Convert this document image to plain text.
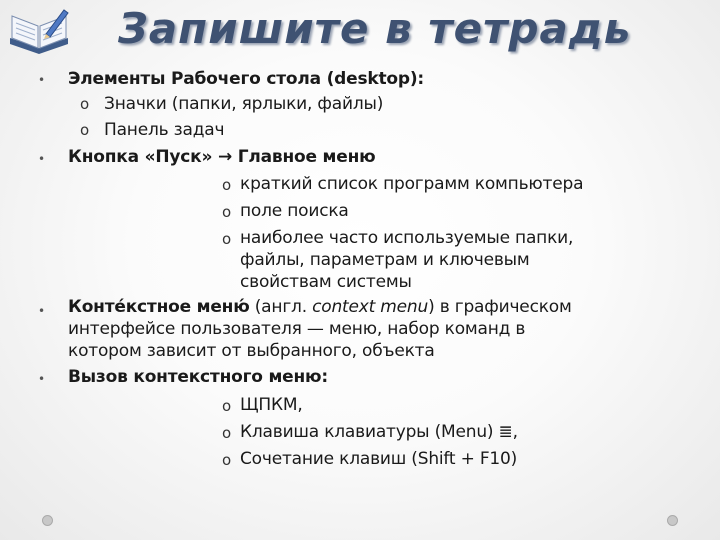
Запишите в тетрадь
• Элементы Рабочего стола (desktop):
o Значки (папки, ярлыки, файлы)
o Панель задач
• Кнопка «Пуск» → Главное меню
o краткий список программ компьютера
o поле поиска
o наиболее часто используемые папки,
файлы, параметрам и ключевым
свойствам системы
• Конте́кстное меню́ (англ. context menu) в графическом
интерфейсе пользователя — меню, набор команд в
котором зависит от выбранного, объекта
• Вызов контекстного меню:
o ЩПКМ,
o Клавиша клавиатуры (Menu) ≣,
o Сочетание клавиш (Shift + F10)
